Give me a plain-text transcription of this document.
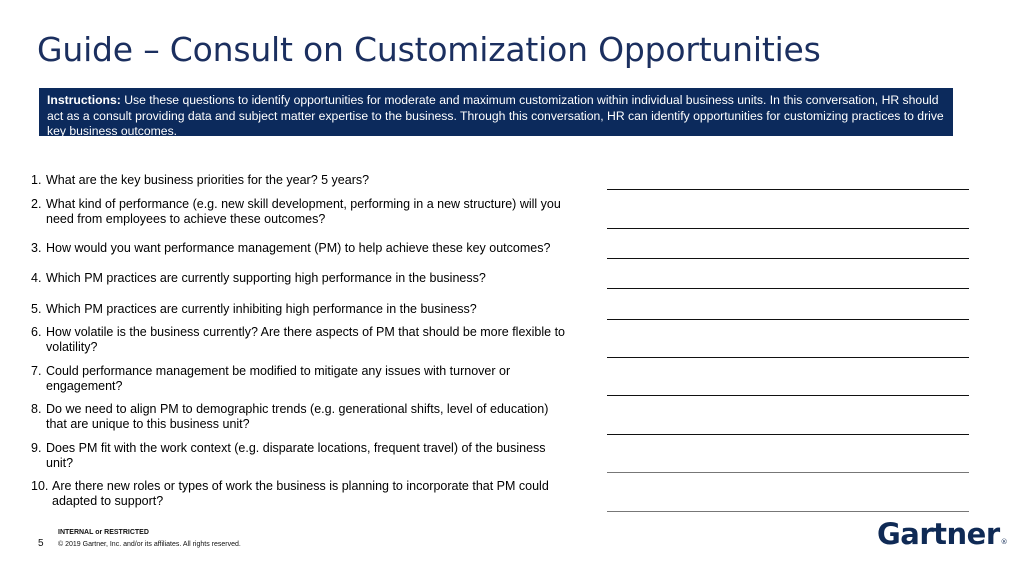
Guide – Consult on Customization Opportunities
Instructions: Use these questions to identify opportunities for moderate and maximum customization within individual business units. In this conversation, HR should act as a consult providing data and subject matter expertise to the business. Through this conversation, HR can identify opportunities for customizing practices to drive key business outcomes.
1. What are the key business priorities for the year? 5 years?
2. What kind of performance (e.g. new skill development, performing in a new structure) will you need from employees to achieve these outcomes?
3. How would you want performance management (PM) to help achieve these key outcomes?
4. Which PM practices are currently supporting high performance in the business?
5. Which PM practices are currently inhibiting high performance in the business?
6. How volatile is the business currently? Are there aspects of PM that should be more flexible to volatility?
7. Could performance management be modified to mitigate any issues with turnover or engagement?
8. Do we need to align PM to demographic trends (e.g. generational shifts, level of education) that are unique to this business unit?
9. Does PM fit with the work context (e.g. disparate locations, frequent travel) of the business unit?
10. Are there new roles or types of work the business is planning to incorporate that PM could adapted to support?
5
INTERNAL or RESTRICTED
© 2019 Gartner, Inc. and/or its affiliates. All rights reserved.	Gartner®
